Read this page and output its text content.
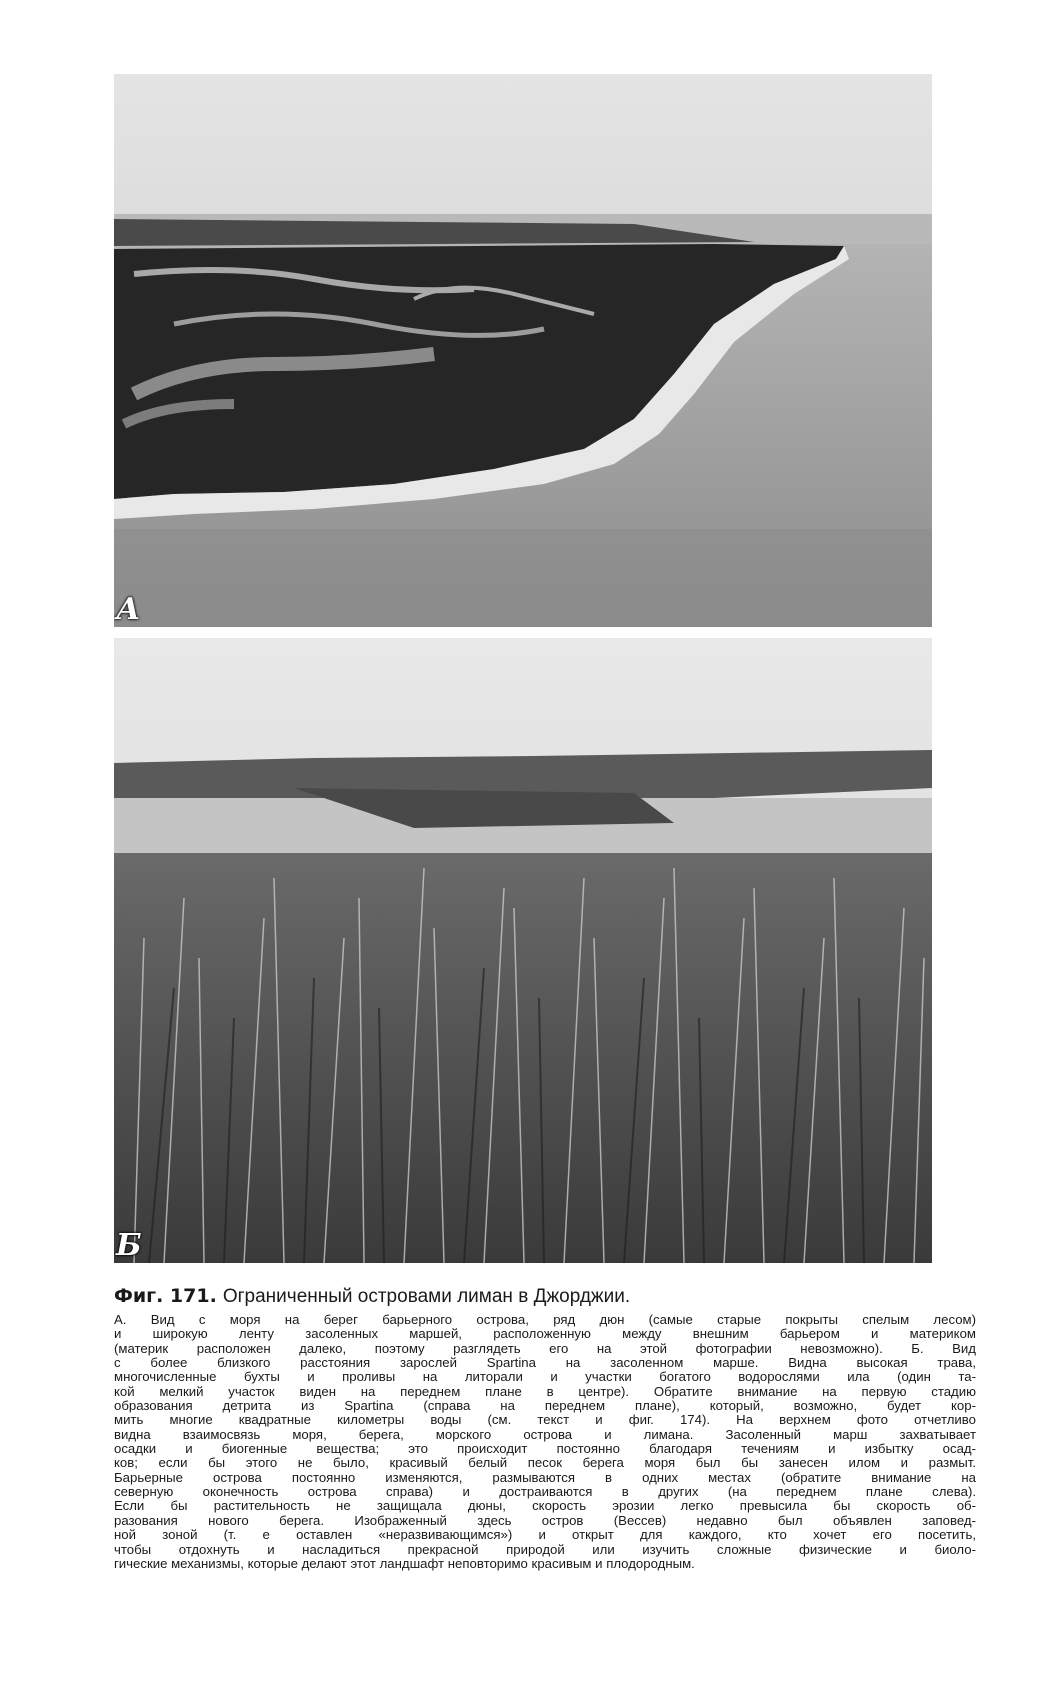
А
Б
Фиг. 171. Ограниченный островами лиман в Джорджии.
А. Вид с моря на берег барьерного острова, ряд дюн (самые старые покрыты спелым лесом)
и широкую ленту засоленных маршей, расположенную между внешним барьером и материком
(материк расположен далеко, поэтому разглядеть его на этой фотографии невозможно). Б. Вид
с более близкого расстояния зарослей Spartina на засоленном марше. Видна высокая трава,
многочисленные бухты и проливы на литорали и участки богатого водорослями ила (один та-
кой мелкий участок виден на переднем плане в центре). Обратите внимание на первую стадию
образования детрита из Spartina (справа на переднем плане), который, возможно, будет кор-
мить многие квадратные километры воды (см. текст и фиг. 174). На верхнем фото отчетливо
видна взаимосвязь моря, берега, морского острова и лимана. Засоленный марш захватывает
осадки и биогенные вещества; это происходит постоянно благодаря течениям и избытку осад-
ков; если бы этого не было, красивый белый песок берега моря был бы занесен илом и размыт.
Барьерные острова постоянно изменяются, размываются в одних местах (обратите внимание на
северную оконечность острова справа) и достраиваются в других (на переднем плане слева).
Если бы растительность не защищала дюны, скорость эрозии легко превысила бы скорость об-
разования нового берега. Изображенный здесь остров (Вессев) недавно был объявлен заповед-
ной зоной (т. е оставлен «неразвивающимся») и открыт для каждого, кто хочет его посетить,
чтобы отдохнуть и насладиться прекрасной природой или изучить сложные физические и биоло-
гические механизмы, которые делают этот ландшафт неповторимо красивым и плодородным.
